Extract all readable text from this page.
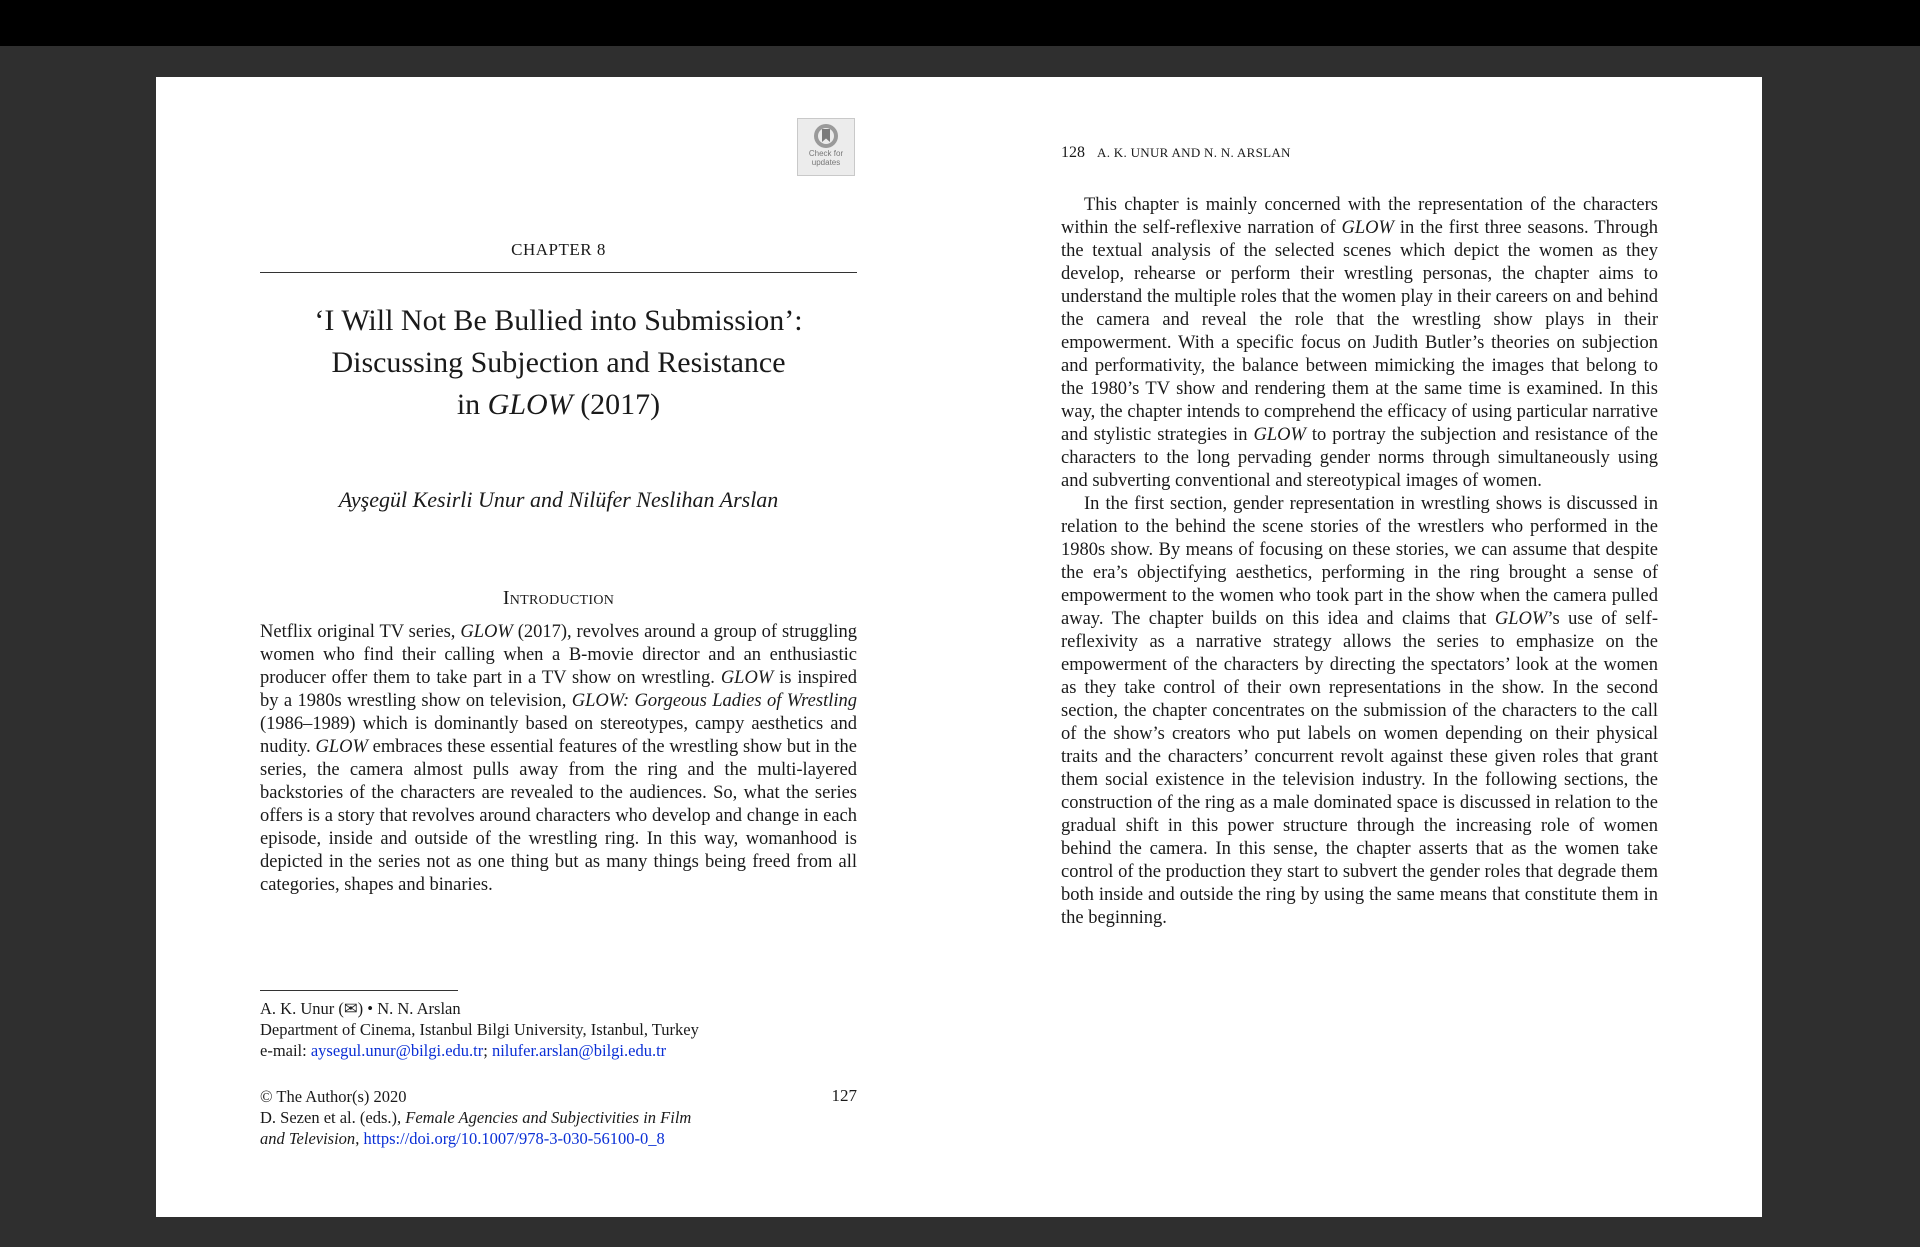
Check for
updates
CHAPTER 8
‘I Will Not Be Bullied into Submission’:
Discussing Subjection and Resistance
in GLOW (2017)
Ayşegül Kesirli Unur and Nilüfer Neslihan Arslan
Introduction

Netflix original TV series, GLOW (2017), revolves around a group of struggling women who find their calling when a B-movie director and an enthusiastic producer offer them to take part in a TV show on wrestling. GLOW is inspired by a 1980s wrestling show on television, GLOW: Gorgeous Ladies of Wrestling (1986–1989) which is dominantly based on stereotypes, campy aesthetics and nudity. GLOW embraces these essential features of the wrestling show but in the series, the camera almost pulls away from the ring and the multi-layered backstories of the characters are revealed to the audiences. So, what the series offers is a story that revolves around characters who develop and change in each episode, inside and outside of the wrestling ring. In this way, womanhood is depicted in the series not as one thing but as many things being freed from all categories, shapes and binaries.

A. K. Unur (✉) • N. N. Arslan
Department of Cinema, Istanbul Bilgi University, Istanbul, Turkey
e-mail: aysegul.unur@bilgi.edu.tr; nilufer.arslan@bilgi.edu.tr
© The Author(s) 2020
D. Sezen et al. (eds.), Female Agencies and Subjectivities in Film
and Television, https://doi.org/10.1007/978-3-030-56100-0_8
127
128 A. K. UNUR AND N. N. ARSLAN

This chapter is mainly concerned with the representation of the characters within the self-reflexive narration of GLOW in the first three seasons. Through the textual analysis of the selected scenes which depict the women as they develop, rehearse or perform their wrestling personas, the chapter aims to understand the multiple roles that the women play in their careers on and behind the camera and reveal the role that the wrestling show plays in their empowerment. With a specific focus on Judith Butler’s theories on subjection and performativity, the balance between mimicking the images that belong to the 1980’s TV show and rendering them at the same time is examined. In this way, the chapter intends to comprehend the efficacy of using particular narrative and stylistic strategies in GLOW to portray the subjection and resistance of the characters to the long pervading gender norms through simultaneously using and subverting conventional and stereotypical images of women.

In the first section, gender representation in wrestling shows is discussed in relation to the behind the scene stories of the wrestlers who performed in the 1980s show. By means of focusing on these stories, we can assume that despite the era’s objectifying aesthetics, performing in the ring brought a sense of empowerment to the women who took part in the show when the camera pulled away. The chapter builds on this idea and claims that GLOW’s use of self-reflexivity as a narrative strategy allows the series to emphasize on the empowerment of the characters by directing the spectators’ look at the women as they take control of their own representations in the show. In the second section, the chapter concentrates on the submission of the characters to the call of the show’s creators who put labels on women depending on their physical traits and the characters’ concurrent revolt against these given roles that grant them social existence in the television industry. In the following sections, the construction of the ring as a male dominated space is discussed in relation to the gradual shift in this power structure through the increasing role of women behind the camera. In this sense, the chapter asserts that as the women take control of the production they start to subvert the gender roles that degrade them both inside and outside the ring by using the same means that constitute them in the beginning.
